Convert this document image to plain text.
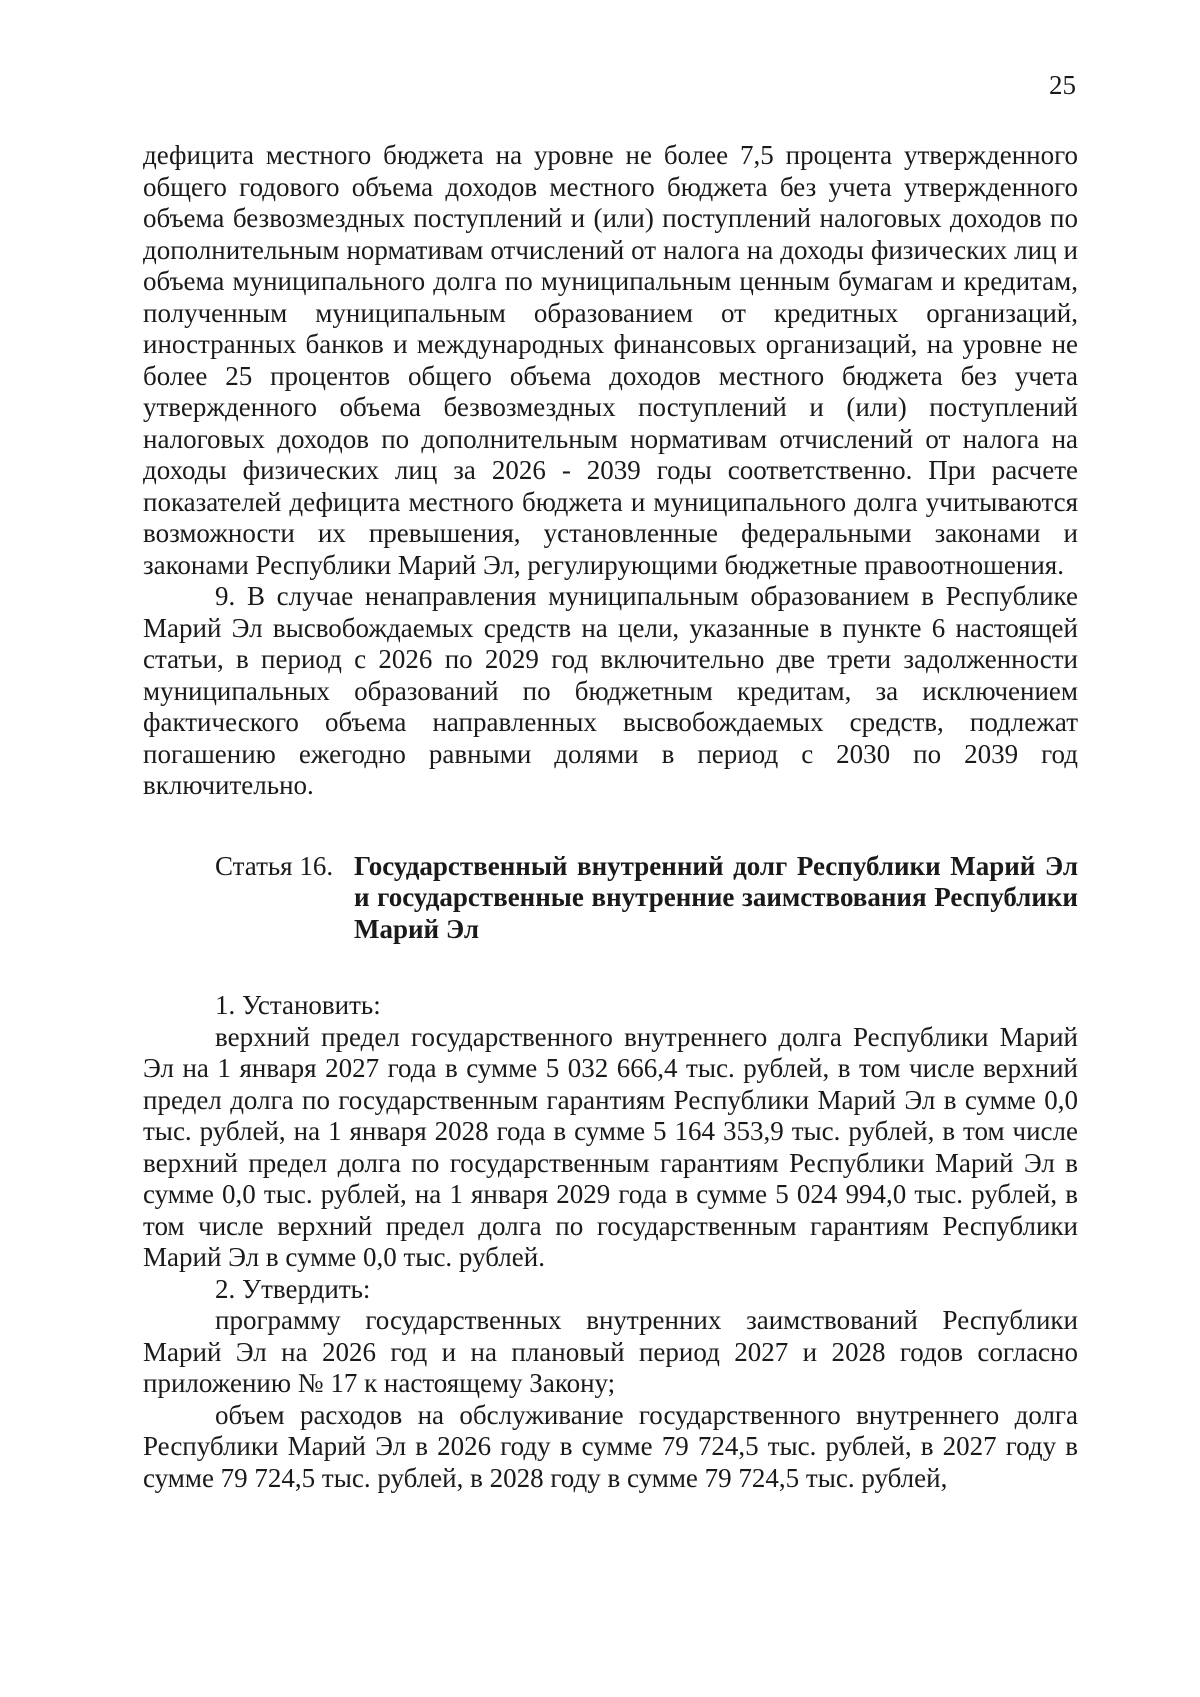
25

дефицита местного бюджета на уровне не более 7,5 процента утвержденного общего годового объема доходов местного бюджета без учета утвержденного объема безвозмездных поступлений и (или) поступлений налоговых доходов по дополнительным нормативам отчислений от налога на доходы физических лиц и объема муниципального долга по муниципальным ценным бумагам и кредитам, полученным муниципальным образованием от кредитных организаций, иностранных банков и международных финансовых организаций, на уровне не более 25 процентов общего объема доходов местного бюджета без учета утвержденного объема безвозмездных поступлений и (или) поступлений налоговых доходов по дополнительным нормативам отчислений от налога на доходы физических лиц за 2026 - 2039 годы соответственно. При расчете показателей дефицита местного бюджета и муниципального долга учитываются возможности их превышения, установленные федеральными законами и законами Республики Марий Эл, регулирующими бюджетные правоотношения.

9. В случае ненаправления муниципальным образованием в Республике Марий Эл высвобождаемых средств на цели, указанные в пункте 6 настоящей статьи, в период с 2026 по 2029 год включительно две трети задолженности муниципальных образований по бюджетным кредитам, за исключением фактического объема направленных высвобождаемых средств, подлежат погашению ежегодно равными долями в период с 2030 по 2039 год включительно.

Статья 16. Государственный внутренний долг Республики Марий Эл и государственные внутренние заимствования Республики Марий Эл

1. Установить:

верхний предел государственного внутреннего долга Республики Марий Эл на 1 января 2027 года в сумме 5 032 666,4 тыс. рублей, в том числе верхний предел долга по государственным гарантиям Республики Марий Эл в сумме 0,0 тыс. рублей, на 1 января 2028 года в сумме 5 164 353,9 тыс. рублей, в том числе верхний предел долга по государственным гарантиям Республики Марий Эл в сумме 0,0 тыс. рублей, на 1 января 2029 года в сумме 5 024 994,0 тыс. рублей, в том числе верхний предел долга по государственным гарантиям Республики Марий Эл в сумме 0,0 тыс. рублей.

2. Утвердить:

программу государственных внутренних заимствований Республики Марий Эл на 2026 год и на плановый период 2027 и 2028 годов согласно приложению № 17 к настоящему Закону;

объем расходов на обслуживание государственного внутреннего долга Республики Марий Эл в 2026 году в сумме 79 724,5 тыс. рублей, в 2027 году в сумме 79 724,5 тыс. рублей, в 2028 году в сумме 79 724,5 тыс. рублей,
